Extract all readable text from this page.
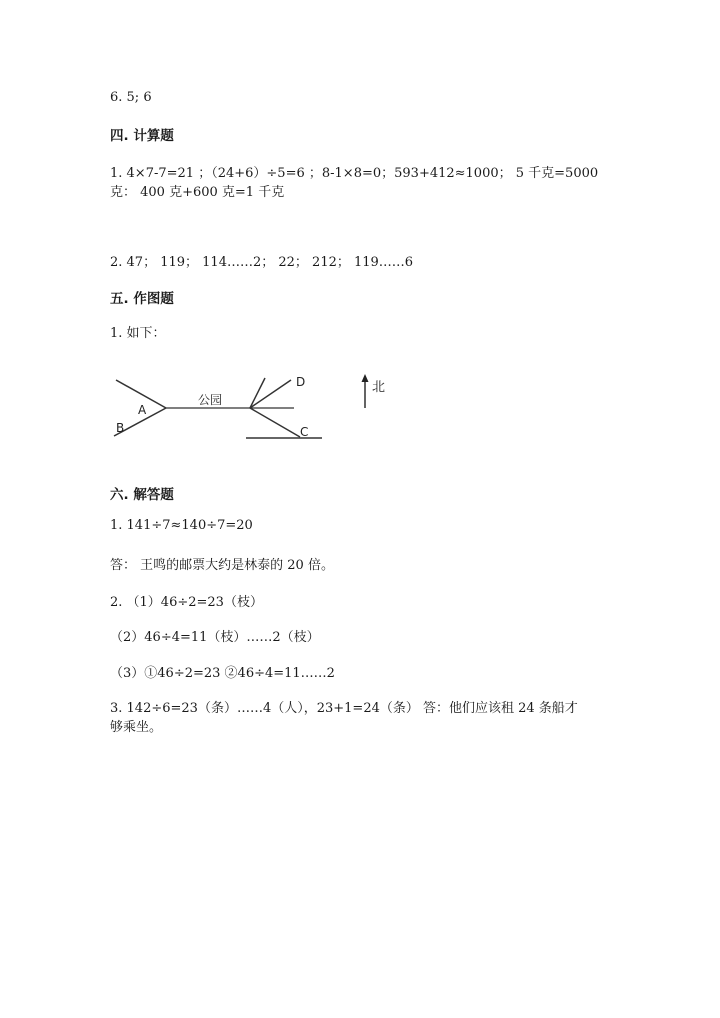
6. 5; 6
四. 计算题
1. 4×7-7=21 ；（24+6）÷5=6 ；8-1×8=0；593+412≈1000； 5 千克=5000
克： 400 克+600 克=1 千克
2. 47； 119； 114……2； 22； 212； 119……6
五. 作图题
1. 如下：
A
B
公园
D
C
北
六. 解答题
1. 141÷7≈140÷7=20
答： 王鸣的邮票大约是林泰的 20 倍。
2. （1）46÷2=23（枝）
（2）46÷4=11（枝）……2（枝）
（3）①46÷2=23 ②46÷4=11……2
3. 142÷6=23（条）……4（人），23+1=24（条） 答：他们应该租 24 条船才
够乘坐。
